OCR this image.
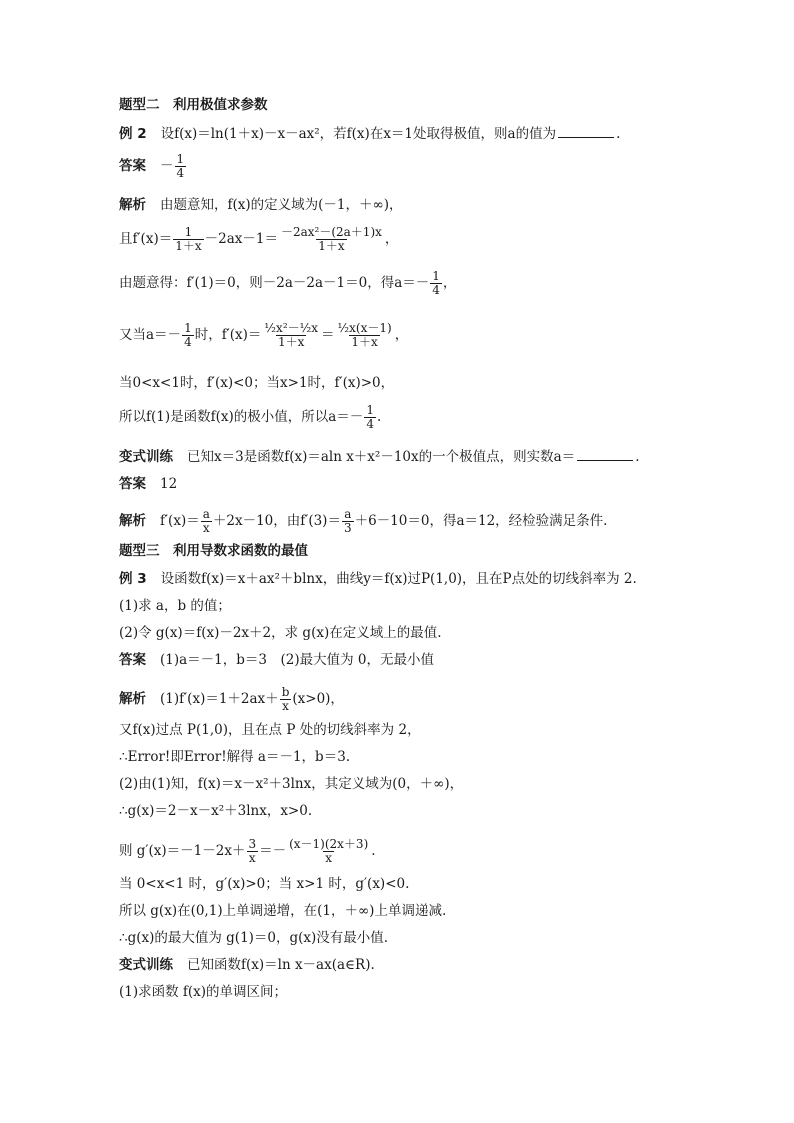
题型二　利用极值求参数
例 2 设f(x)＝ln(1＋x)－x－ax²，若f(x)在x＝1处取得极值，则a的值为	.
答案 － $\frac{1}{4}$
解析 由题意知，f(x)的定义域为(－1，＋∞)，
且$f'(x)= \frac{1}{1+x} -2ax-1= \frac{\text{－2ax²－(2a＋1)x}}{1+x}$ ，
由题意得：f′(1)＝0，则－2a－2a－1＝0，得$a=- \frac{1}{4}$ ，
又当$a=- \frac{1}{4}$ 时，$f'(x)= \frac{\text{½x²－½x}}{1+x} = \frac{\text{½x(x－1)}}{1+x}$ ，
当0<x<1时，f′(x)<0；当x>1时，f′(x)>0，
所以f(1)是函数f(x)的极小值，所以$a=- \frac{1}{4}$ .
变式训练 已知x＝3是函数f(x)＝aln x＋x²－10x的一个极值点，则实数a＝	.
答案 12
解析 $f'(x)= \frac{a}{x} +2x-10$，由$f'(3)= \frac{a}{3} +6-10=0$，得a＝12，经检验满足条件.
题型三　利用导数求函数的最值
例 3 设函数f(x)＝x＋ax²＋blnx，曲线y＝f(x)过P(1,0)，且在P点处的切线斜率为 2.
(1)求 a，b 的值；
(2)令 g(x)＝f(x)－2x＋2，求 g(x)在定义域上的最值.
答案 (1)a＝－1，b＝3　(2)最大值为 0，无最小值
解析 $(1)f'(x)=1+2ax+ \frac{b}{x} (x>0)$，
又f(x)过点 P(1,0)，且在点 P 处的切线斜率为 2，
∴Error!即Error!解得 a＝－1，b＝3.
(2)由(1)知，f(x)＝x－x²＋3lnx，其定义域为(0，＋∞)，
∴g(x)＝2－x－x²＋3lnx，x>0.
则 $g'(x)=-1-2x+ \frac{3}{x} =- \frac{(x-1)(2x+3)}{x}$ .
当 0<x<1 时，g′(x)>0；当 x>1 时，g′(x)<0.
所以 g(x)在(0,1)上单调递增，在(1，＋∞)上单调递减.
∴g(x)的最大值为 g(1)＝0，g(x)没有最小值.
变式训练 已知函数f(x)＝ln x－ax(a∈R).
(1)求函数 f(x)的单调区间；
